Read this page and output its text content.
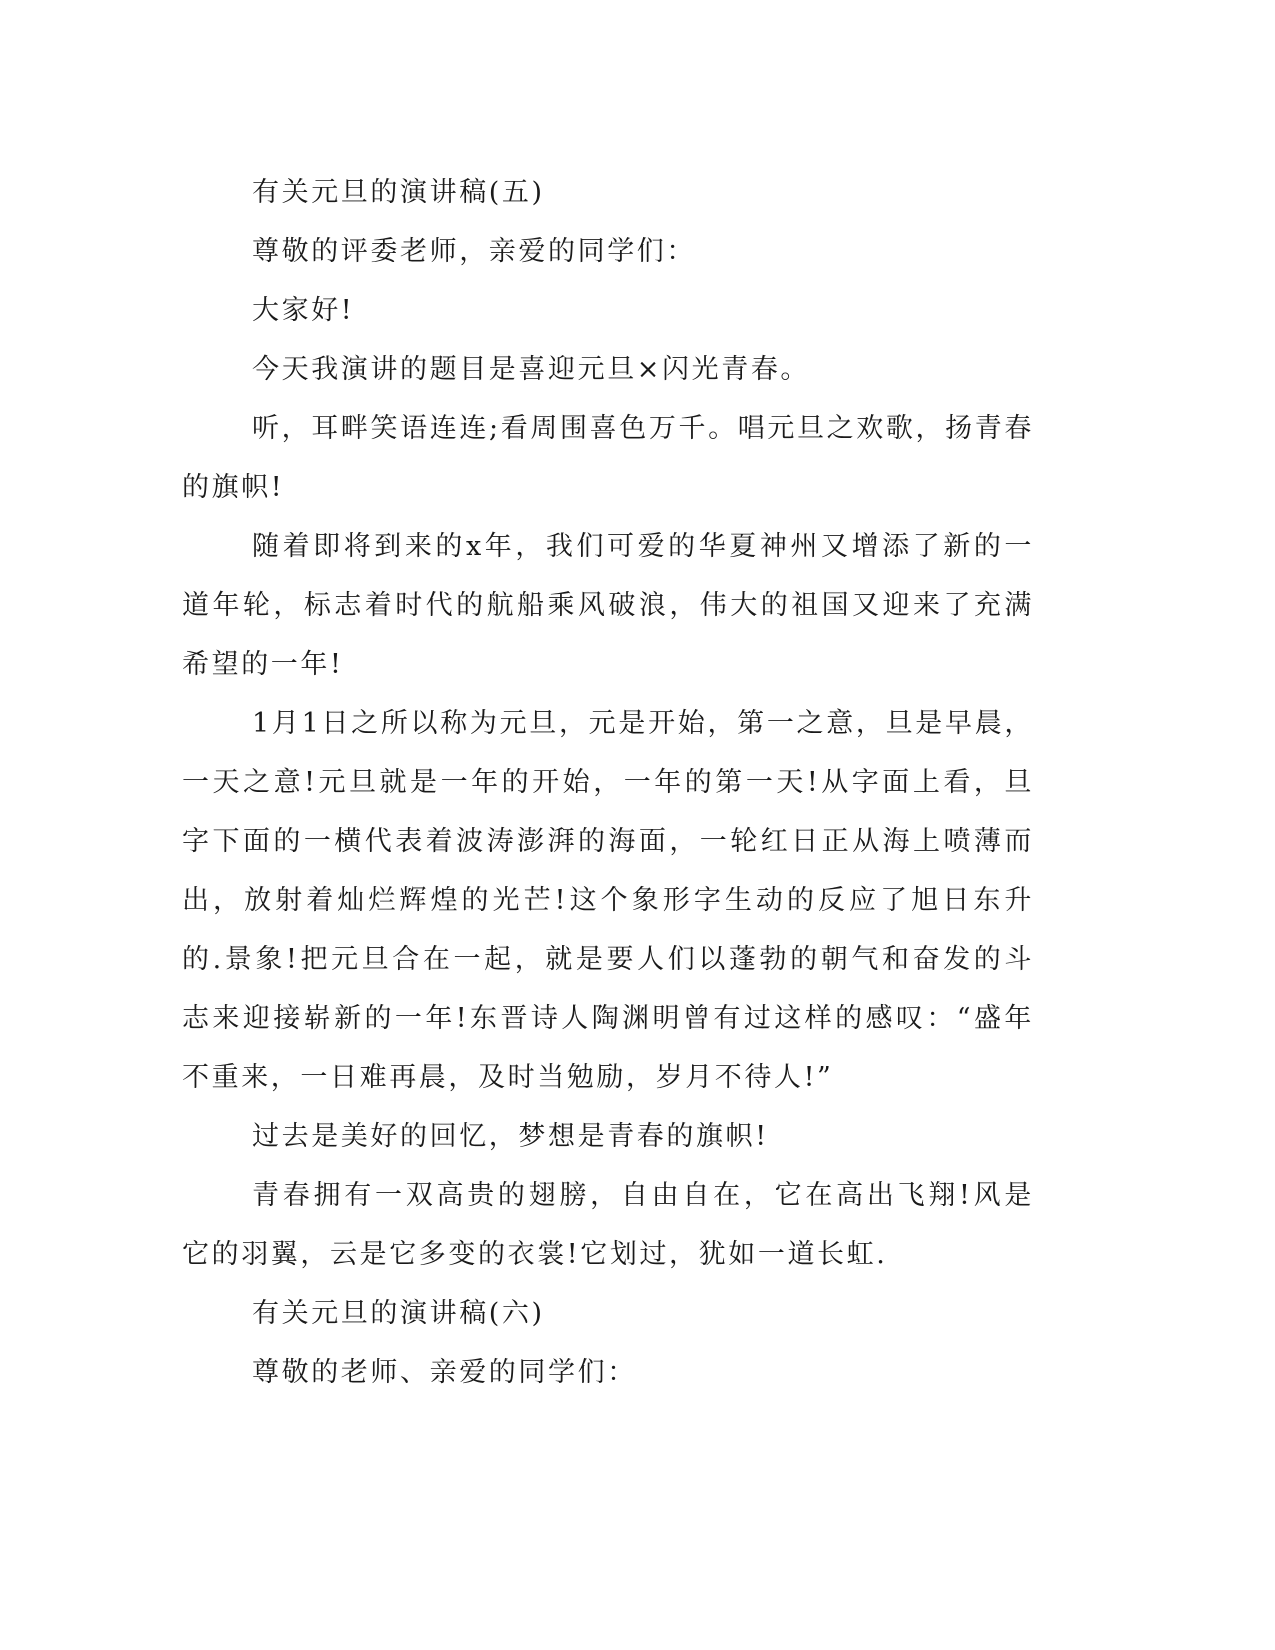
有关元旦的演讲稿(五)

尊敬的评委老师，亲爱的同学们：

大家好!

今天我演讲的题目是喜迎元旦×闪光青春。

听，耳畔笑语连连;看周围喜色万千。唱元旦之欢歌，扬青春的旗帜!

随着即将到来的x年，我们可爱的华夏神州又增添了新的一道年轮，标志着时代的航船乘风破浪，伟大的祖国又迎来了充满希望的一年!

1月1日之所以称为元旦，元是开始，第一之意，旦是早晨，一天之意!元旦就是一年的开始，一年的第一天!从字面上看，旦字下面的一横代表着波涛澎湃的海面，一轮红日正从海上喷薄而出，放射着灿烂辉煌的光芒!这个象形字生动的反应了旭日东升的.景象!把元旦合在一起，就是要人们以蓬勃的朝气和奋发的斗志来迎接崭新的一年!东晋诗人陶渊明曾有过这样的感叹：“盛年不重来，一日难再晨，及时当勉励，岁月不待人!”

过去是美好的回忆，梦想是青春的旗帜!

青春拥有一双高贵的翅膀，自由自在，它在高出飞翔!风是它的羽翼，云是它多变的衣裳!它划过，犹如一道长虹.

有关元旦的演讲稿(六)

尊敬的老师、亲爱的同学们：
